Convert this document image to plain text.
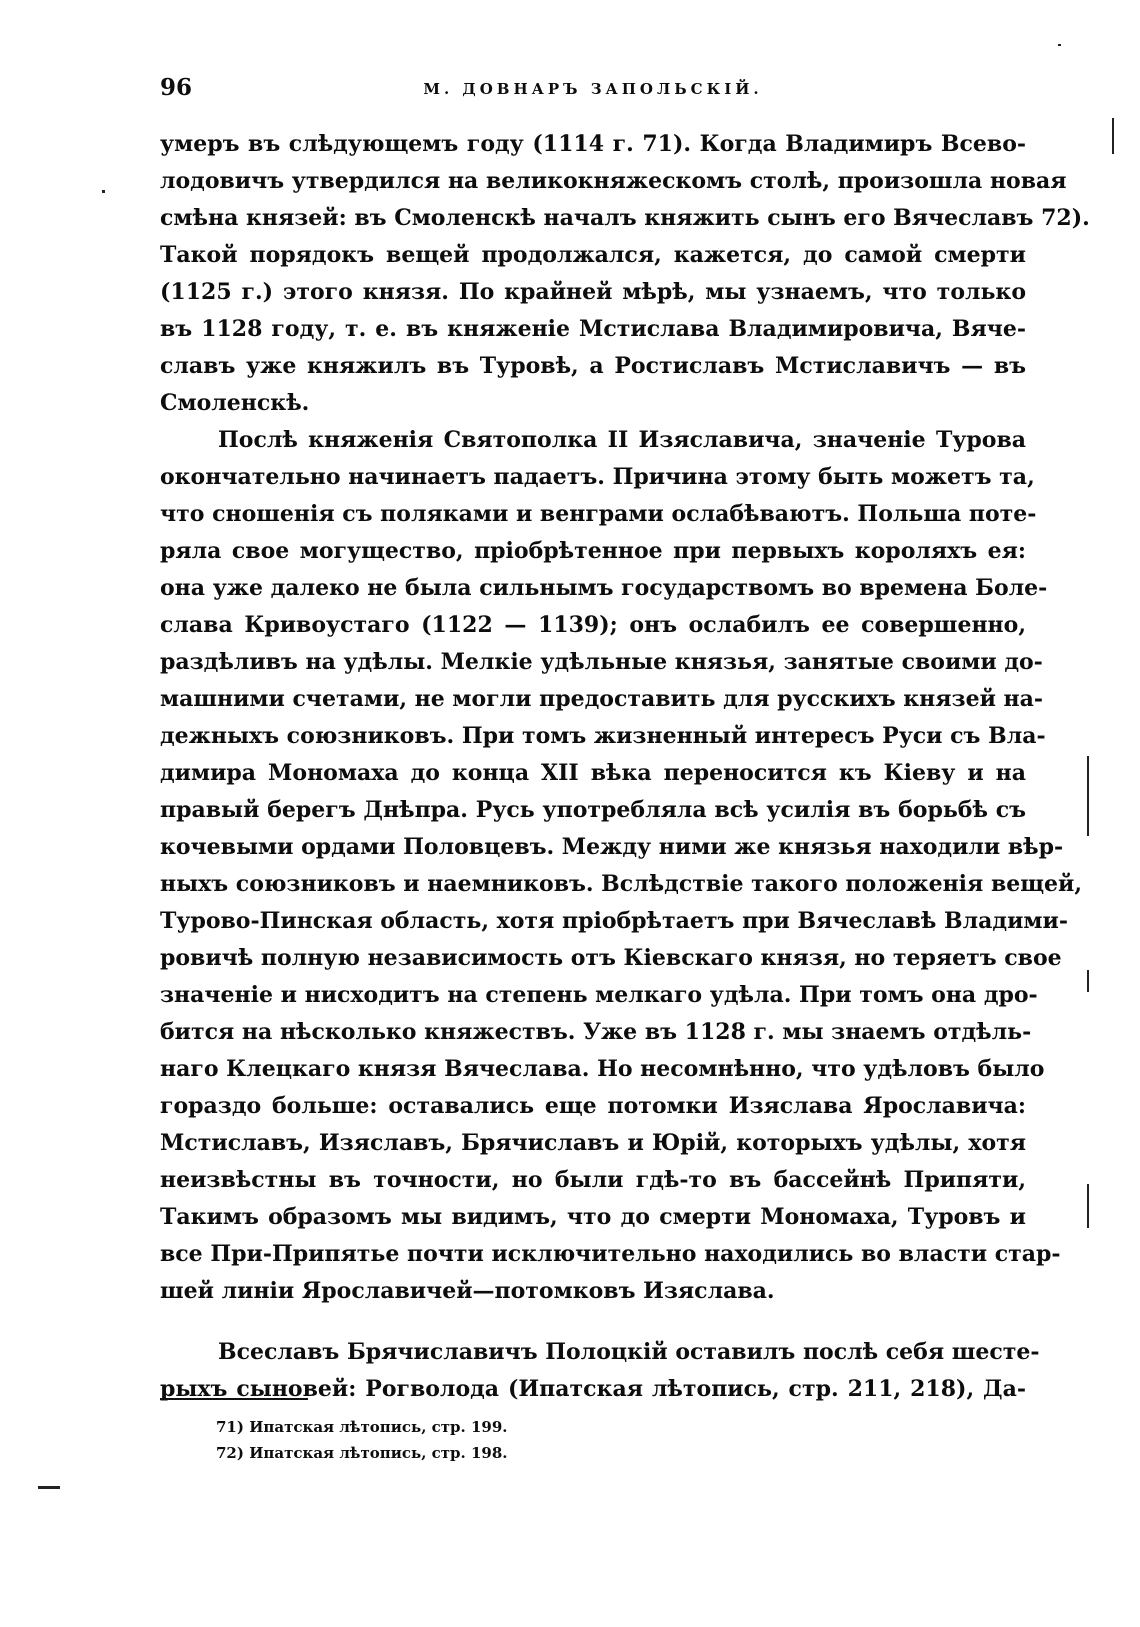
96	М. ДОВНАРЪ ЗАПОЛЬСКІЙ.
умеръ въ слѣдующемъ году (1114 г. 71). Когда Владимиръ Всево-
лодовичъ утвердился на великокняжескомъ столѣ, произошла новая
смѣна князей: въ Смоленскѣ началъ княжить сынъ его Вячеславъ 72).
Такой порядокъ вещей продолжался, кажется, до самой смерти
(1125 г.) этого князя. По крайней мѣрѣ, мы узнаемъ, что только
въ 1128 году, т. е. въ княженіе Мстислава Владимировича, Вяче-
славъ уже княжилъ въ Туровѣ, а Ростиславъ Мстиславичъ — въ
Смоленскѣ.
Послѣ княженія Святополка II Изяславича, значеніе Турова
окончательно начинаетъ падаетъ. Причина этому быть можетъ та,
что сношенія съ поляками и венграми ослабѣваютъ. Польша поте-
ряла свое могущество, пріобрѣтенное при первыхъ короляхъ ея:
она уже далеко не была сильнымъ государствомъ во времена Боле-
слава Кривоустаго (1122 — 1139); онъ ослабилъ ее совершенно,
раздѣливъ на удѣлы. Мелкіе удѣльные князья, занятые своими до-
машними счетами, не могли предоставить для русскихъ князей на-
дежныхъ союзниковъ. При томъ жизненный интересъ Руси съ Вла-
димира Мономаха до конца XII вѣка переносится къ Кіеву и на
правый берегъ Днѣпра. Русь употребляла всѣ усилія въ борьбѣ съ
кочевыми ордами Половцевъ. Между ними же князья находили вѣр-
ныхъ союзниковъ и наемниковъ. Вслѣдствіе такого положенія вещей,
Турово-Пинская область, хотя пріобрѣтаетъ при Вячеславѣ Владими-
ровичѣ полную независимость отъ Кіевскаго князя, но теряетъ свое
значеніе и нисходитъ на степень мелкаго удѣла. При томъ она дро-
бится на нѣсколько княжествъ. Уже въ 1128 г. мы знаемъ отдѣль-
наго Клецкаго князя Вячеслава. Но несомнѣнно, что удѣловъ было
гораздо больше: оставались еще потомки Изяслава Ярославича:
Мстиславъ, Изяславъ, Брячиславъ и Юрій, которыхъ удѣлы, хотя
неизвѣстны въ точности, но были гдѣ-то въ бассейнѣ Припяти,
Такимъ образомъ мы видимъ, что до смерти Мономаха, Туровъ и
все При-Припятье почти исключительно находились во власти стар-
шей линіи Ярославичей—потомковъ Изяслава.
Всеславъ Брячиславичъ Полоцкій оставилъ послѣ себя шестe-
рыхъ сыновей: Рогволода (Ипатская лѣтопись, стр. 211, 218), Да-
71) Ипатская лѣтопись, стр. 199.
72) Ипатская лѣтопись, стр. 198.
